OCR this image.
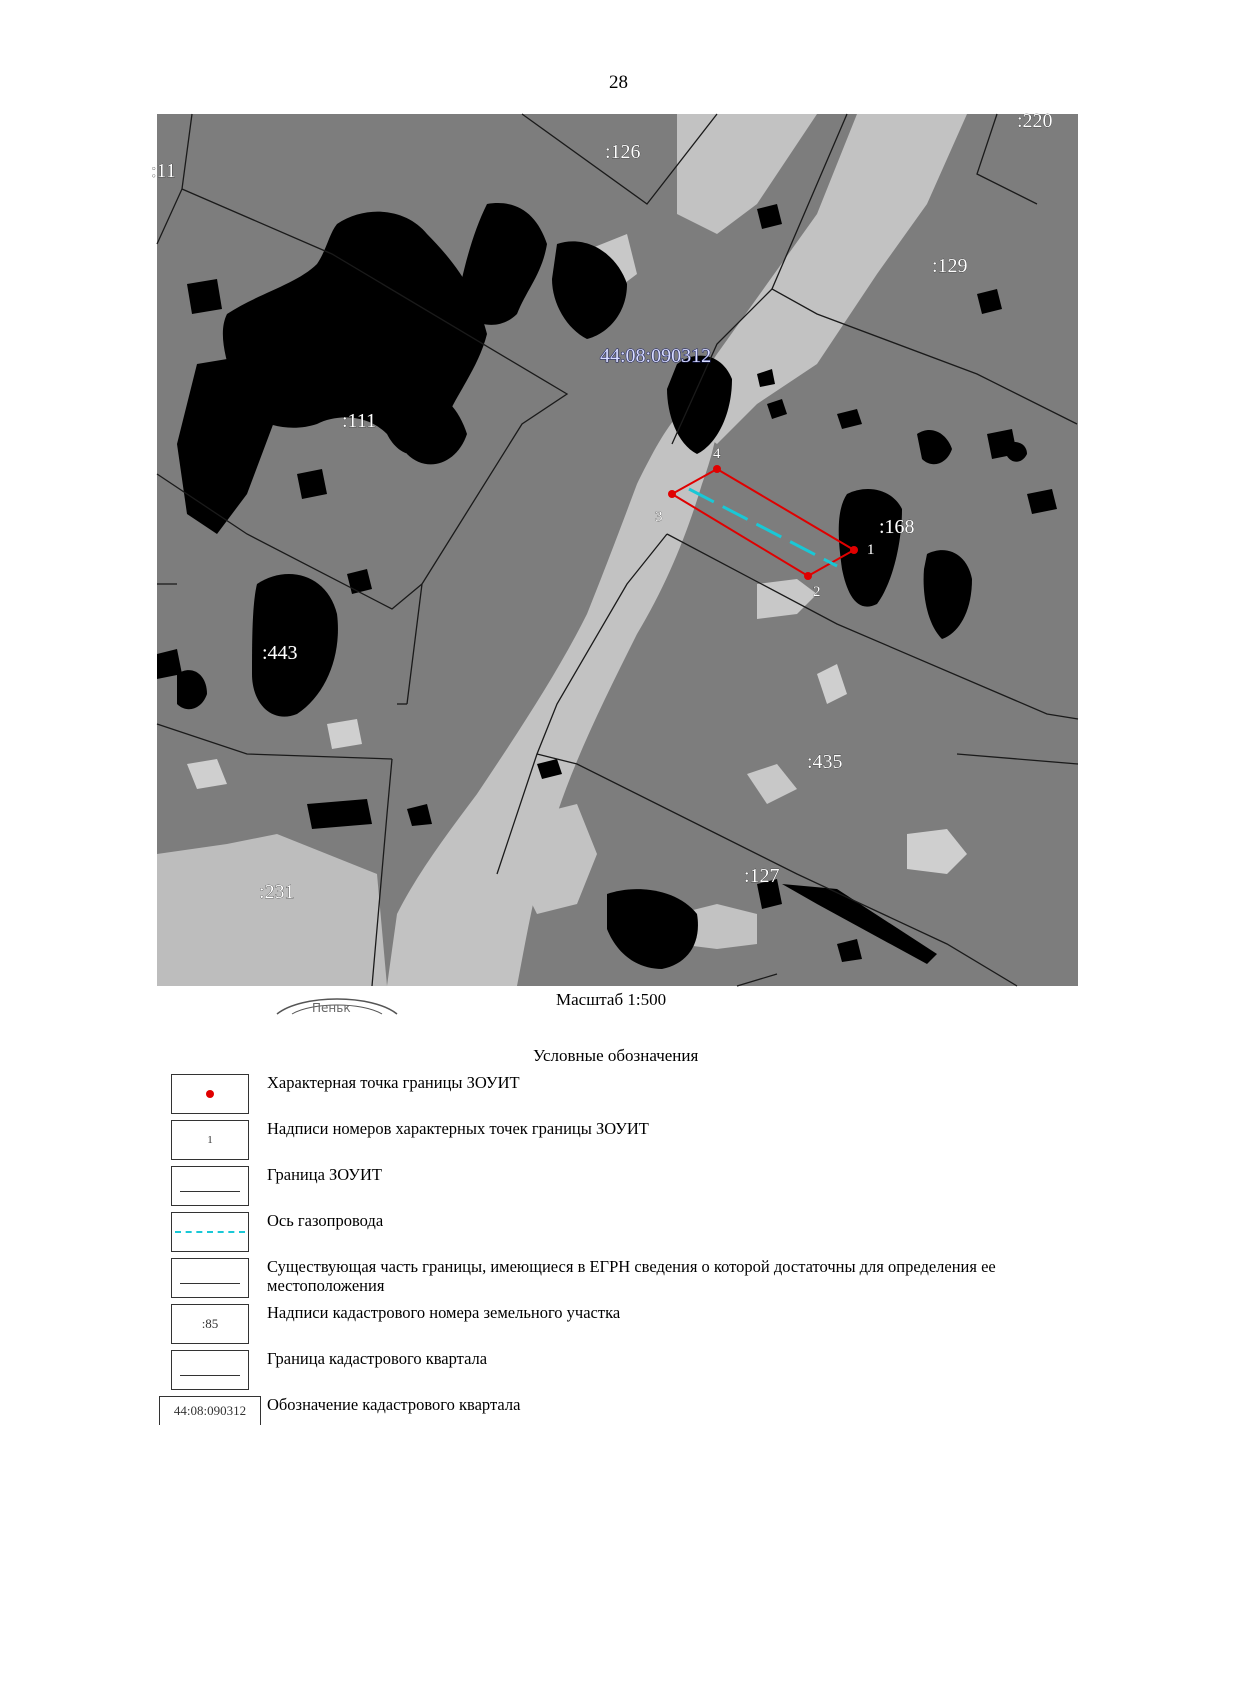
28
1
2
3
4
:126
:220
:11
:129
:111
:168
:443
:435
:127
:231
44:08:090312
Пеньк	Масштаб 1:500
Условные обозначения
Характерная точка границы ЗОУИТ
1
Надписи номеров характерных точек границы ЗОУИТ
Граница ЗОУИТ
Ось газопровода
Существующая часть границы, имеющиеся в ЕГРН сведения о которой достаточны для определения ее местоположения
:85
Надписи кадастрового номера земельного участка
Граница кадастрового квартала
44:08:090312 Обозначение кадастрового квартала
